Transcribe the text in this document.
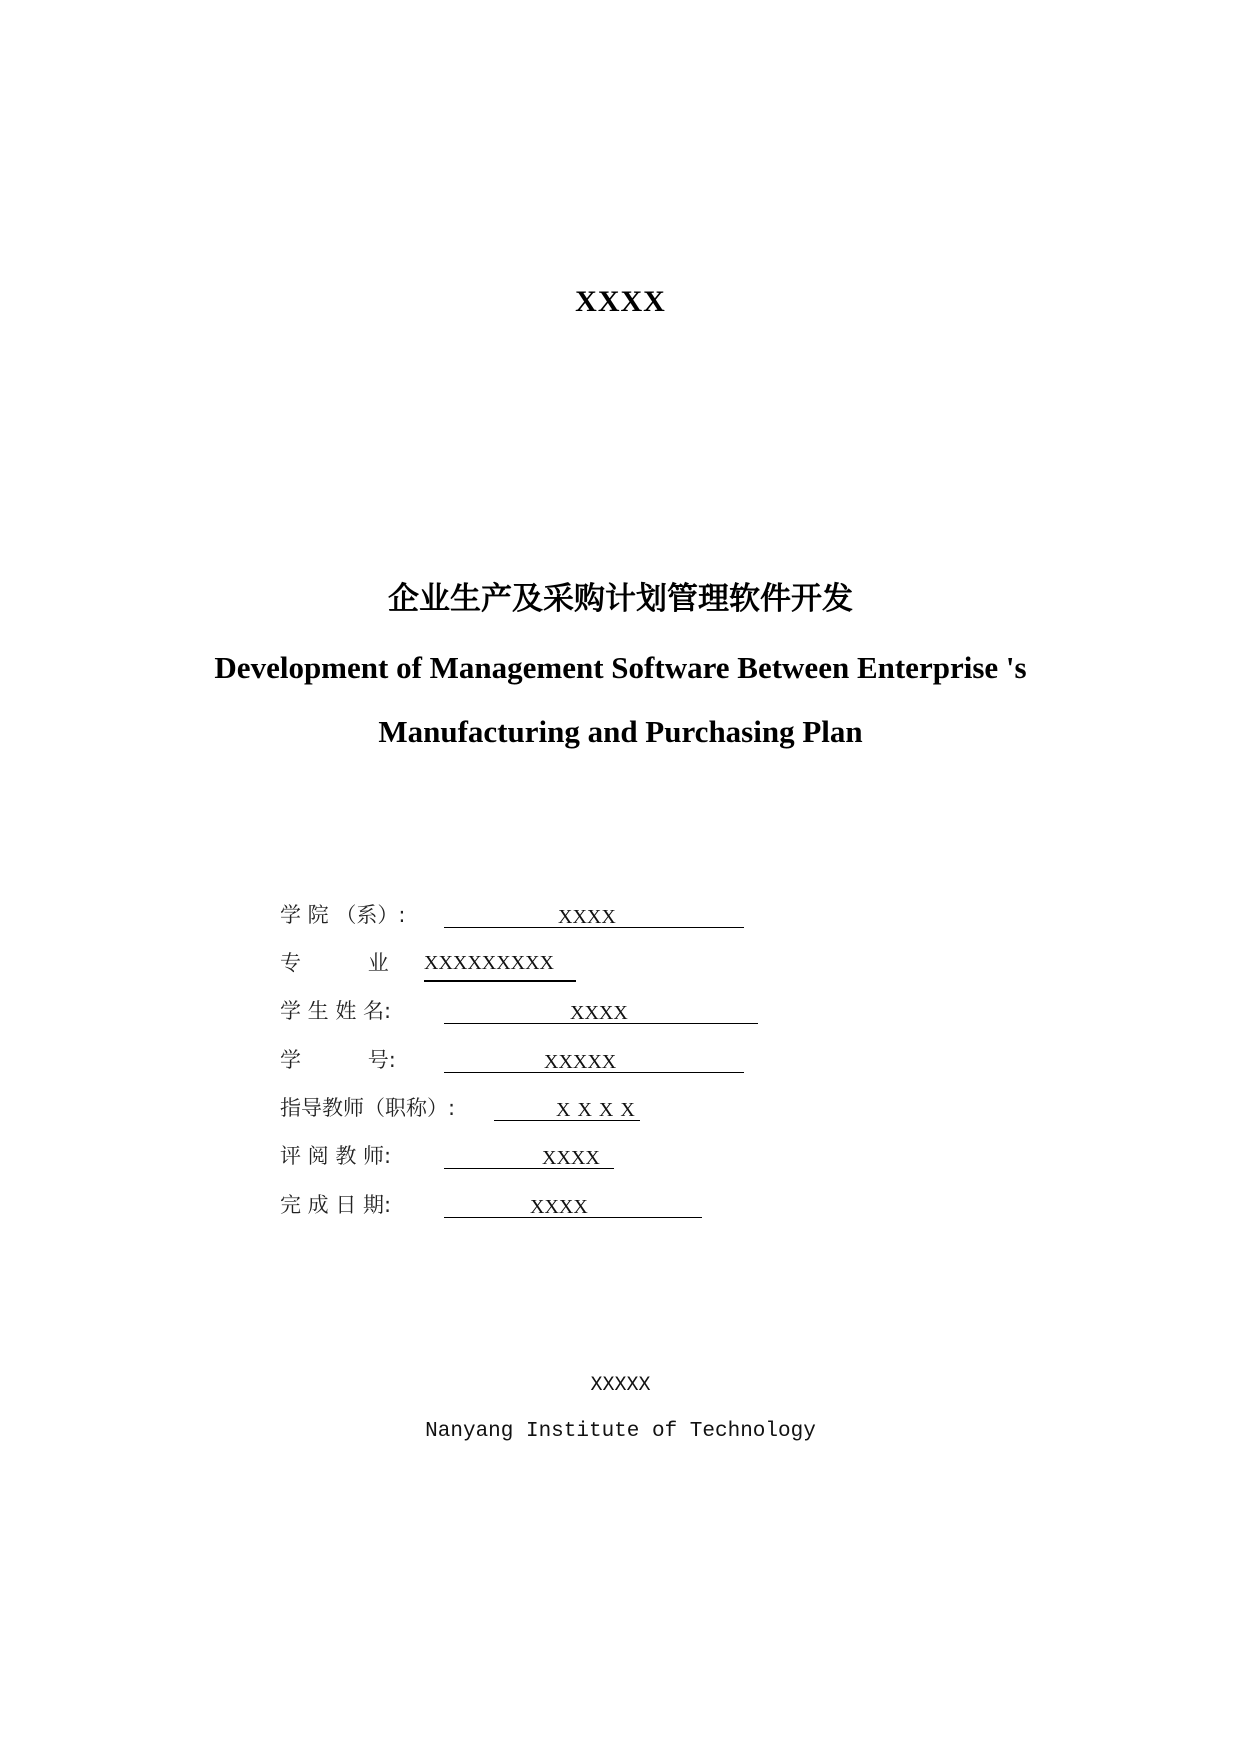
XXXX
企业生产及采购计划管理软件开发
Development of Management Software Between Enterprise 's
Manufacturing and Purchasing Plan
学 院 （系）:	XXXX
专          业 XXXXXXXXX
学 生 姓 名:	XXXX
学          号:	XXXXX
指导教师（职称）:	X X X X
评 阅 教 师:	XXXX
完 成 日 期:	XXXX
XXXXX
Nanyang Institute of Technology
